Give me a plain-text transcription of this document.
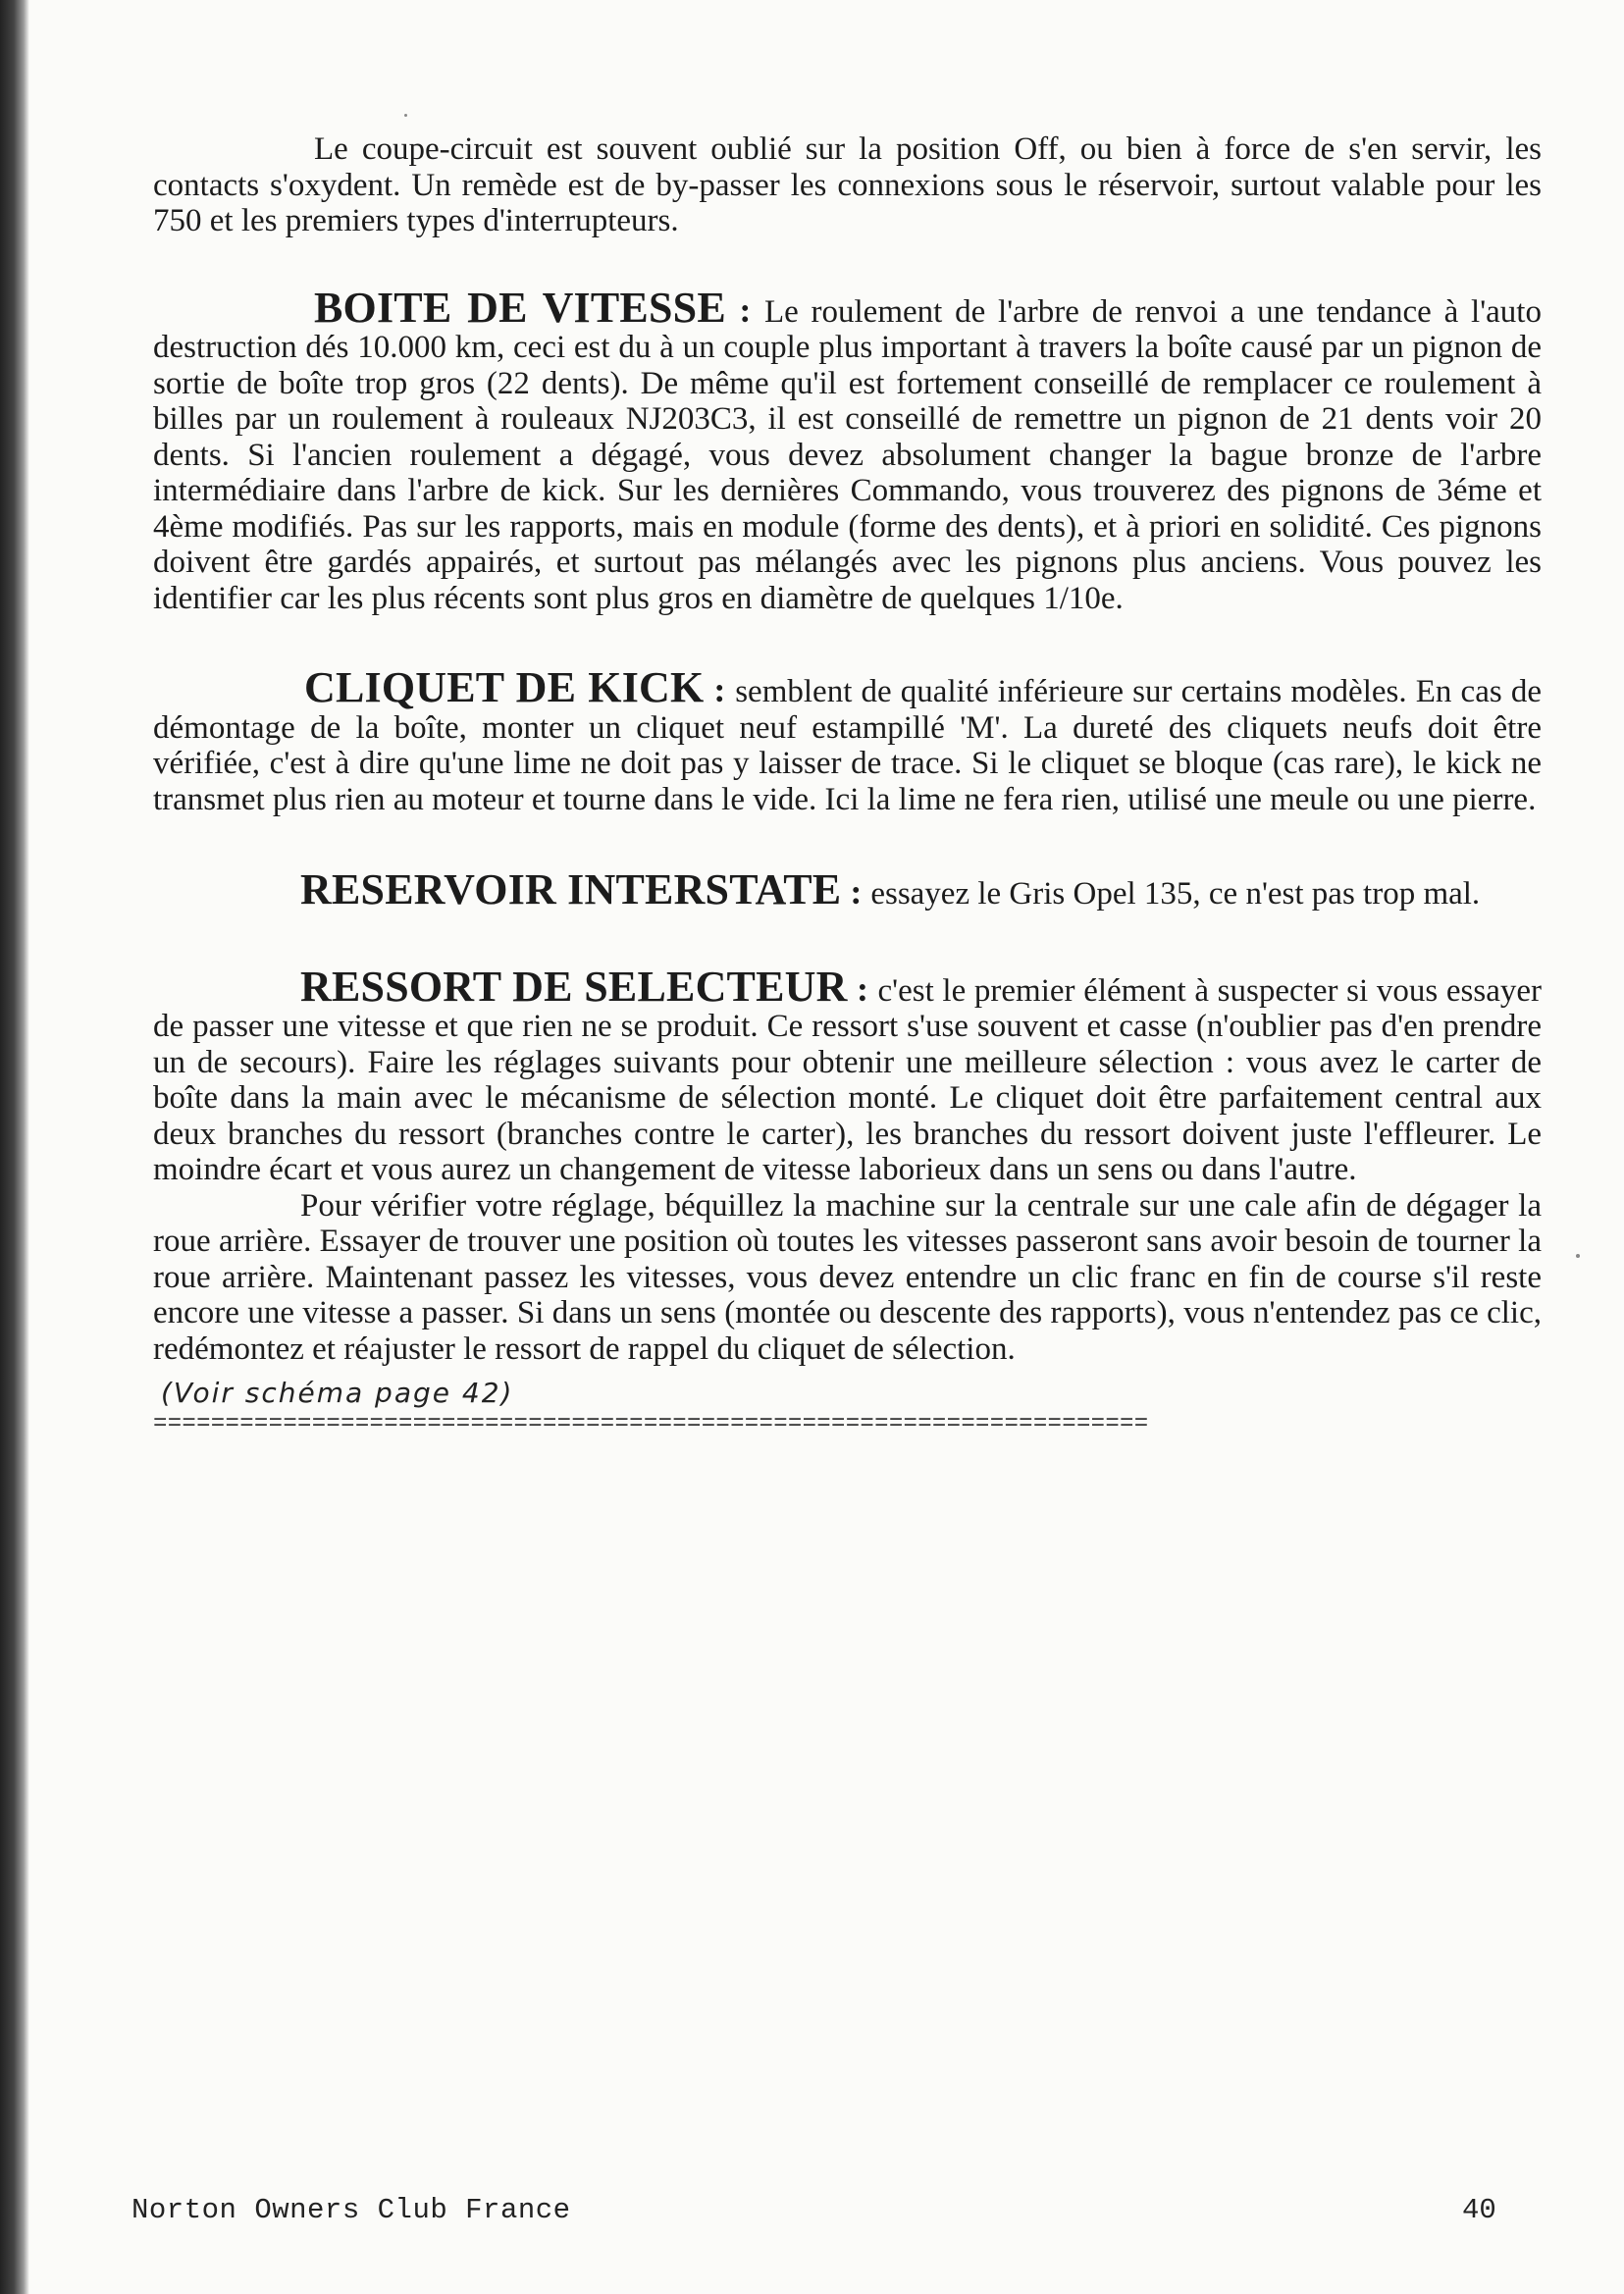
Le coupe-circuit est souvent oublié sur la position Off, ou bien à force de s'en servir, les contacts s'oxydent. Un remède est de by-passer les connexions sous le réservoir, surtout valable pour les 750 et les premiers types d'interrupteurs.

BOITE DE VITESSE : Le roulement de l'arbre de renvoi a une tendance à l'auto destruction dés 10.000 km, ceci est du à un couple plus important à travers la boîte causé par un pignon de sortie de boîte trop gros (22 dents). De même qu'il est fortement conseillé de remplacer ce roulement à billes par un roulement à rouleaux NJ203C3, il est conseillé de remettre un pignon de 21 dents voir 20 dents. Si l'ancien roulement a dégagé, vous devez absolument changer la bague bronze de l'arbre intermédiaire dans l'arbre de kick. Sur les dernières Commando, vous trouverez des pignons de 3éme et 4ème modifiés. Pas sur les rapports, mais en module (forme des dents), et à priori en solidité. Ces pignons doivent être gardés appairés, et surtout pas mélangés avec les pignons plus anciens. Vous pouvez les identifier car les plus récents sont plus gros en diamètre de quelques 1/10e.

CLIQUET DE KICK : semblent de qualité inférieure sur certains modèles. En cas de démontage de la boîte, monter un cliquet neuf estampillé 'M'. La dureté des cliquets neufs doit être vérifiée, c'est à dire qu'une lime ne doit pas y laisser de trace. Si le cliquet se bloque (cas rare), le kick ne transmet plus rien au moteur et tourne dans le vide. Ici la lime ne fera rien, utilisé une meule ou une pierre.

RESERVOIR INTERSTATE : essayez le Gris Opel 135, ce n'est pas trop mal.

RESSORT DE SELECTEUR : c'est le premier élément à suspecter si vous essayer de passer une vitesse et que rien ne se produit. Ce ressort s'use souvent et casse (n'oublier pas d'en prendre un de secours). Faire les réglages suivants pour obtenir une meilleure sélection : vous avez le carter de boîte dans la main avec le mécanisme de sélection monté. Le cliquet doit être parfaitement central aux deux branches du ressort (branches contre le carter), les branches du ressort doivent juste l'effleurer. Le moindre écart et vous aurez un changement de vitesse laborieux dans un sens ou dans l'autre.

Pour vérifier votre réglage, béquillez la machine sur la centrale sur une cale afin de dégager la roue arrière. Essayer de trouver une position où toutes les vitesses passeront sans avoir besoin de tourner la roue arrière. Maintenant passez les vitesses, vous devez entendre un clic franc en fin de course s'il reste encore une vitesse a passer. Si dans un sens (montée ou descente des rapports), vous n'entendez pas ce clic, redémontez et réajuster le ressort de rappel du cliquet de sélection.

(Voir schéma page 42)
=====================================================================
Norton Owners Club France	40
